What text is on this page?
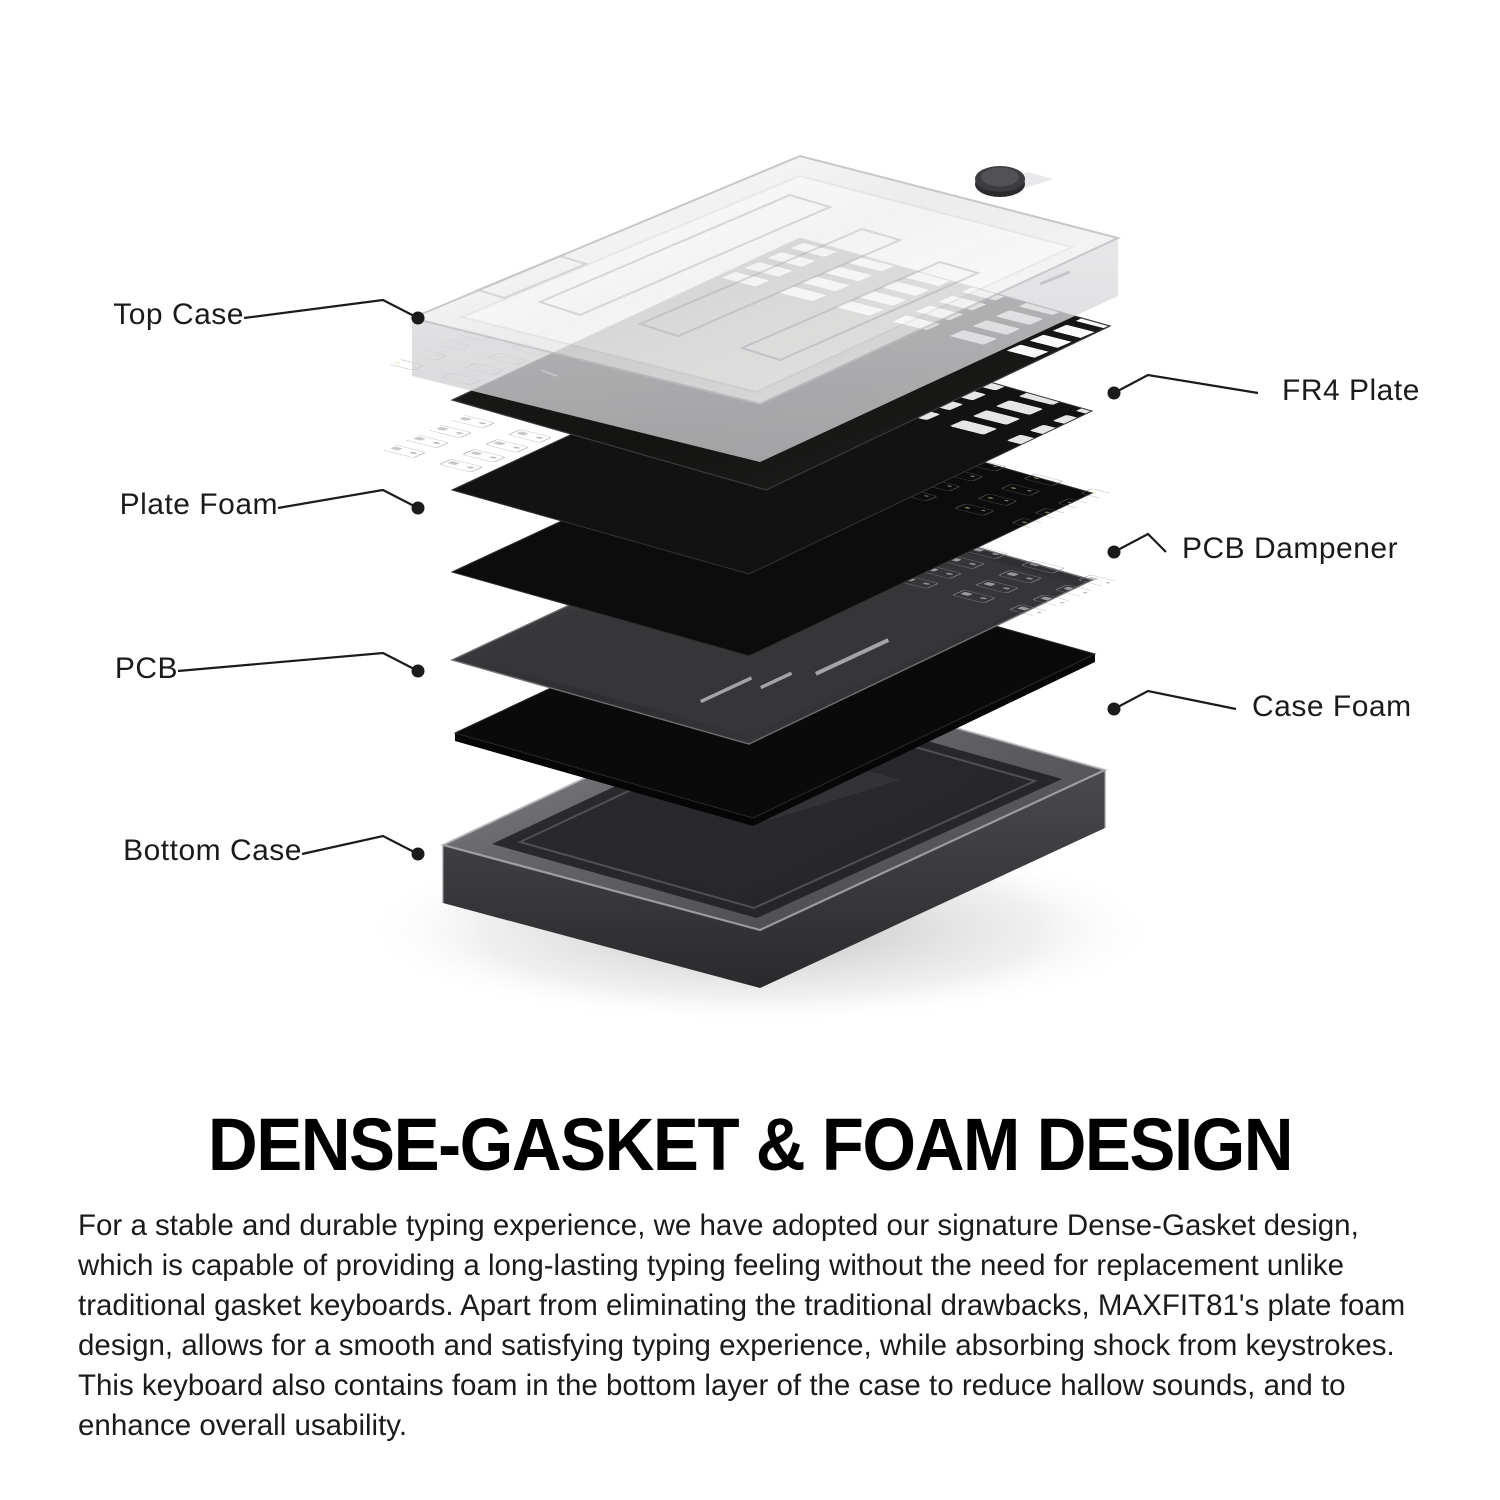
Top Case
FR4 Plate
Plate Foam
PCB Dampener
PCB
Case Foam
Bottom Case
DENSE-GASKET & FOAM DESIGN

For a stable and durable typing experience, we have adopted our signature Dense-Gasket design, which is capable of providing a long-lasting typing feeling without the need for replacement unlike traditional gasket keyboards. Apart from eliminating the traditional drawbacks, MAXFIT81's plate foam design, allows for a smooth and satisfying typing experience, while absorbing shock from keystrokes. This keyboard also contains foam in the bottom layer of the case to reduce hallow sounds, and to enhance overall usability.
